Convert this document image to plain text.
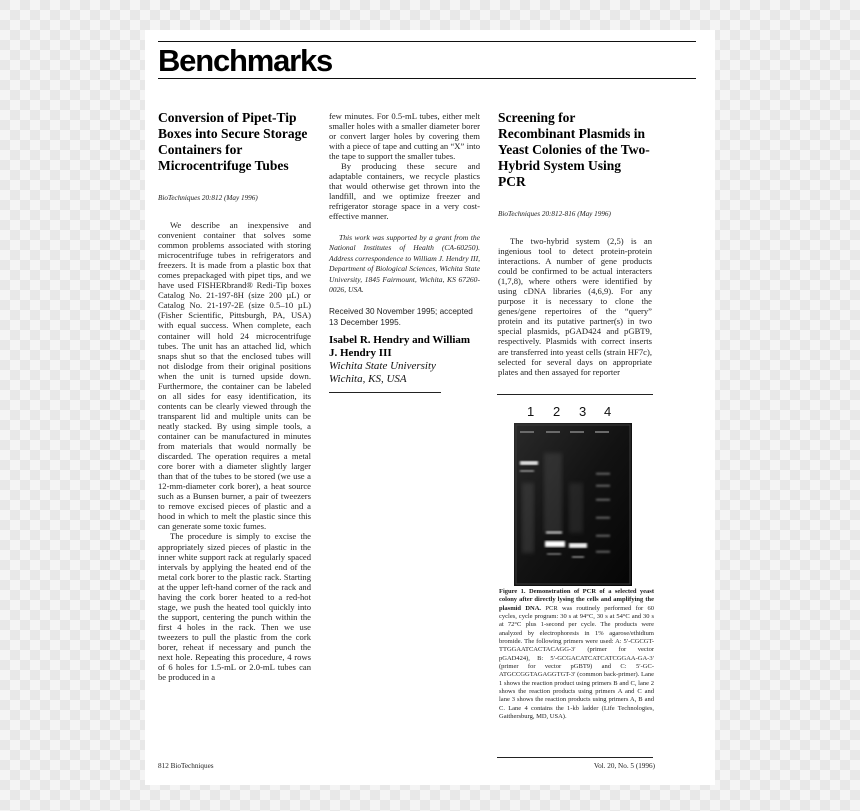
Benchmarks
Conversion of Pipet-Tip Boxes into Secure Storage Containers for Microcentrifuge Tubes
BioTechniques 20:812 (May 1996)

We describe an inexpensive and convenient container that solves some common problems associated with storing microcentrifuge tubes in refrigerators and freezers. It is made from a plastic box that comes prepackaged with pipet tips, and we have used FISHERbrand® Redi-Tip boxes Catalog No. 21-197-8H (size 200 µL) or Catalog No. 21-197-2E (size 0.5–10 µL) (Fisher Scientific, Pittsburgh, PA, USA) with equal success. When complete, each container will hold 24 microcentrifuge tubes. The unit has an attached lid, which snaps shut so that the enclosed tubes will not dislodge from their original positions when the unit is turned upside down. Furthermore, the container can be labeled on all sides for easy identification, its contents can be clearly viewed through the transparent lid and multiple units can be neatly stacked. By using simple tools, a container can be manufactured in minutes from materials that would normally be discarded. The operation requires a metal core borer with a diameter slightly larger than that of the tubes to be stored (we use a 12-mm-diameter cork borer), a heat source such as a Bunsen burner, a pair of tweezers to remove excised pieces of plastic and a hood in which to melt the plastic since this can generate some toxic fumes.

The procedure is simply to excise the appropriately sized pieces of plastic in the inner white support rack at regularly spaced intervals by applying the heated end of the metal cork borer to the plastic rack. Starting at the upper left-hand corner of the rack and having the cork borer heated to a red-hot stage, we push the heated tool quickly into the support, centering the punch within the first 4 holes in the rack. Then we use tweezers to pull the plastic from the cork borer, reheat if necessary and punch the next hole. Repeating this procedure, 4 rows of 6 holes for 1.5-mL or 2.0-mL tubes can be produced in a

few minutes. For 0.5-mL tubes, either melt smaller holes with a smaller diameter borer or convert larger holes by covering them with a piece of tape and cutting an “X” into the tape to support the smaller tubes.

By producing these secure and adaptable containers, we recycle plastics that would otherwise get thrown into the landfill, and we optimize freezer and refrigerator storage space in a very cost-effective manner.

This work was supported by a grant from the National Institutes of Health (CA-60250). Address correspondence to William J. Hendry III, Department of Biological Sciences, Wichita State University, 1845 Fairmount, Wichita, KS 67260-0026, USA.
Received 30 November 1995; accepted 13 December 1995.
Isabel R. Hendry and William J. Hendry III
Wichita State University
Wichita, KS, USA
Screening for Recombinant Plasmids in Yeast Colonies of the Two-Hybrid System Using PCR
BioTechniques 20:812-816 (May 1996)

The two-hybrid system (2,5) is an ingenious tool to detect protein-protein interactions. A number of gene products could be confirmed to be actual interacters (1,7,8), where others were identified by using cDNA libraries (4,6,9). For any purpose it is necessary to clone the genes/gene repertoires of the “query” protein and its putative partner(s) in two special plasmids, pGAD424 and pGBT9, respectively. Plasmids with correct inserts are transferred into yeast cells (strain HF7c), selected for several days on appropriate plates and then assayed for reporter

1 2 3 4
Figure 1. Demonstration of PCR of a selected yeast colony after directly lysing the cells and amplifying the plasmid DNA. PCR was routinely performed for 60 cycles, cycle program: 30 s at 94°C, 30 s at 54°C and 30 s at 72°C plus 1-second per cycle. The products were analyzed by electrophoresis in 1% agarose/ethidium bromide. The following primers were used: A: 5′-CGCGT-TTGGAATCACTACAGG-3′ (primer for vector pGAD424), B: 5′-GCGACATCATCATCGGAA-GA-3′ (primer for vector pGBT9) and C: 5′-GC-ATGCCGGTAGAGGTGT-3′ (common back-primer). Lane 1 shows the reaction product using primers B and C, lane 2 shows the reaction products using primers A and C and lane 3 shows the reaction products using primers A, B and C. Lane 4 contains the 1-kb ladder (Life Technologies, Gaithersburg, MD, USA).
812 BioTechniques	Vol. 20, No. 5 (1996)
